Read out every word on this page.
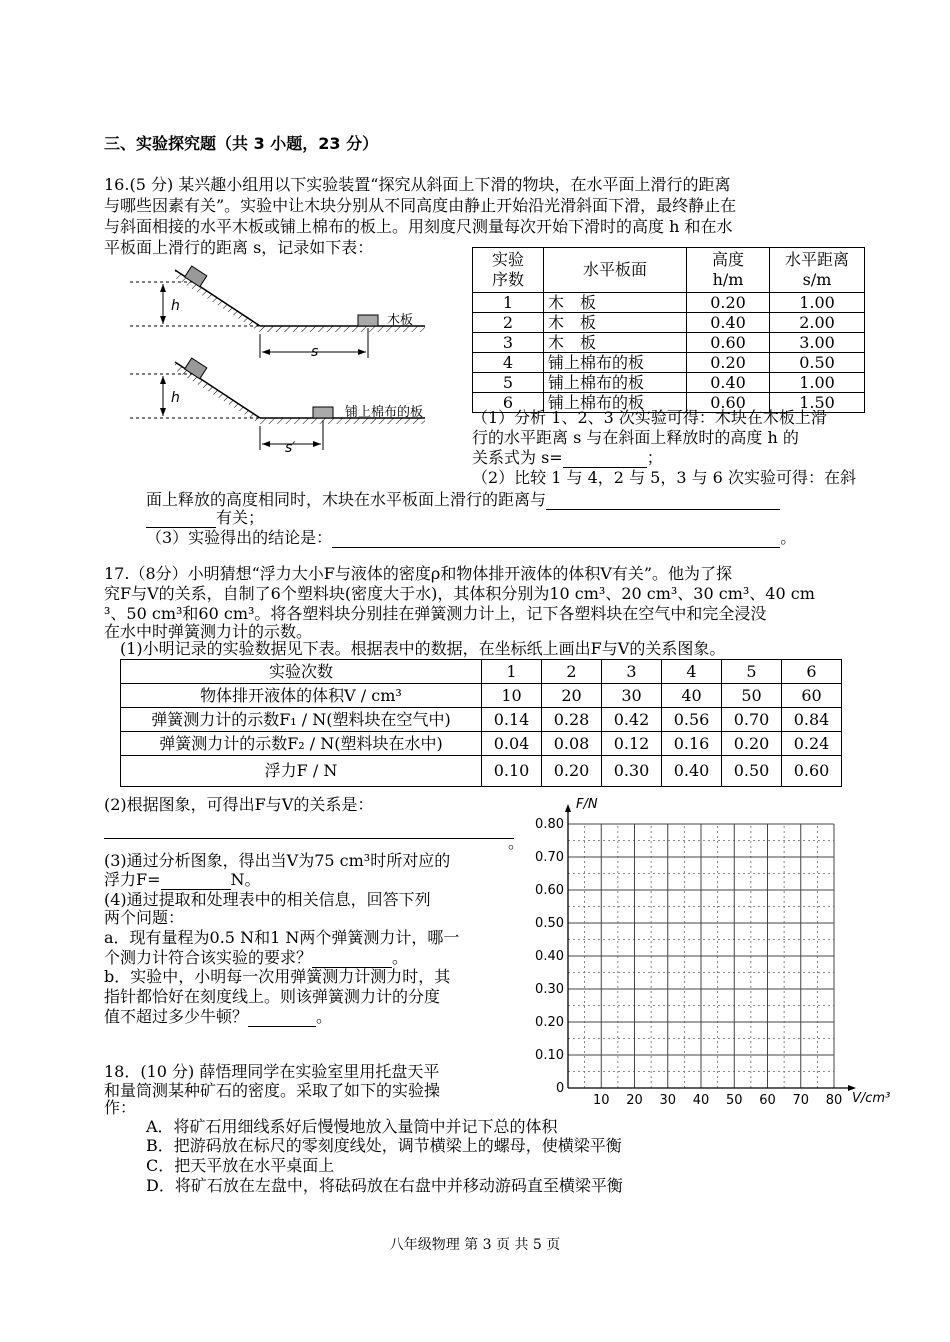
三、实验探究题（共 3 小题，23 分）
16.(5 分) 某兴趣小组用以下实验装置“探究从斜面上下滑的物块，在水平面上滑行的距离
与哪些因素有关”。实验中让木块分别从不同高度由静止开始沿光滑斜面下滑，最终静止在
与斜面相接的水平木板或铺上棉布的板上。用刻度尺测量每次开始下滑时的高度 h 和在水
平板面上滑行的距离 s，记录如下表：
h
木板
s
h
铺上棉布的板
s′
实验
序数	水平板面	高度
h/m	水平距离
s/m
1	木　板	0.20	1.00
2	木　板	0.40	2.00
3	木　板	0.60	3.00
4	铺上棉布的板	0.20	0.50
5	铺上棉布的板	0.40	1.00
6	铺上棉布的板	0.60	1.50
（1）分析 1、2、3 次实验可得：木块在木板上滑
行的水平距离 s 与在斜面上释放时的高度 h 的
关系式为 s=	；
（2）比较 1 与 4，2 与 5，3 与 6 次实验可得：在斜
面上释放的高度相同时，木块在水平板面上滑行的距离与
有关；
（3）实验得出的结论是：	。
17.（8分）小明猜想“浮力大小F与液体的密度ρ和物体排开液体的体积V有关”。他为了探
究F与V的关系，自制了6个塑料块(密度大于水)，其体积分别为10 cm³、20 cm³、30 cm³、40 cm
³、50 cm³和60 cm³。将各塑料块分别挂在弹簧测力计上，记下各塑料块在空气中和完全浸没
在水中时弹簧测力计的示数。
(1)小明记录的实验数据见下表。根据表中的数据，在坐标纸上画出F与V的关系图象。
实验次数	1	2	3	4	5	6
物体排开液体的体积V / cm³	10	20	30	40	50	60
弹簧测力计的示数F₁ / N(塑料块在空气中)	0.14	0.28	0.42	0.56	0.70	0.84
弹簧测力计的示数F₂ / N(塑料块在水中)	0.04	0.08	0.12	0.16	0.20	0.24
浮力F / N	0.10	0.20	0.30	0.40	0.50	0.60
(2)根据图象，可得出F与V的关系是：
。
(3)通过分析图象，得出当V为75 cm³时所对应的
浮力F=	N。
(4)通过提取和处理表中的相关信息，回答下列
两个问题：
a．现有量程为0.5 N和1 N两个弹簧测力计，哪一
个测力计符合该实验的要求？	。
b．实验中，小明每一次用弹簧测力计测力时，其
指针都恰好在刻度线上。则该弹簧测力计的分度
值不超过多少牛顿？	。
10 20 30 40 50 60 70 80
0.10
0.20
0.30
0.40
0.50
0.60
0.70
0.80
F/N
V/cm³
0
18．(10 分) 薛悟理同学在实验室里用托盘天平
和量筒测某种矿石的密度。采取了如下的实验操
作：
A．将矿石用细线系好后慢慢地放入量筒中并记下总的体积
B．把游码放在标尺的零刻度线处，调节横梁上的螺母，使横梁平衡
C．把天平放在水平桌面上
D．将矿石放在左盘中，将砝码放在右盘中并移动游码直至横梁平衡
八年级物理 第 3 页 共 5 页
